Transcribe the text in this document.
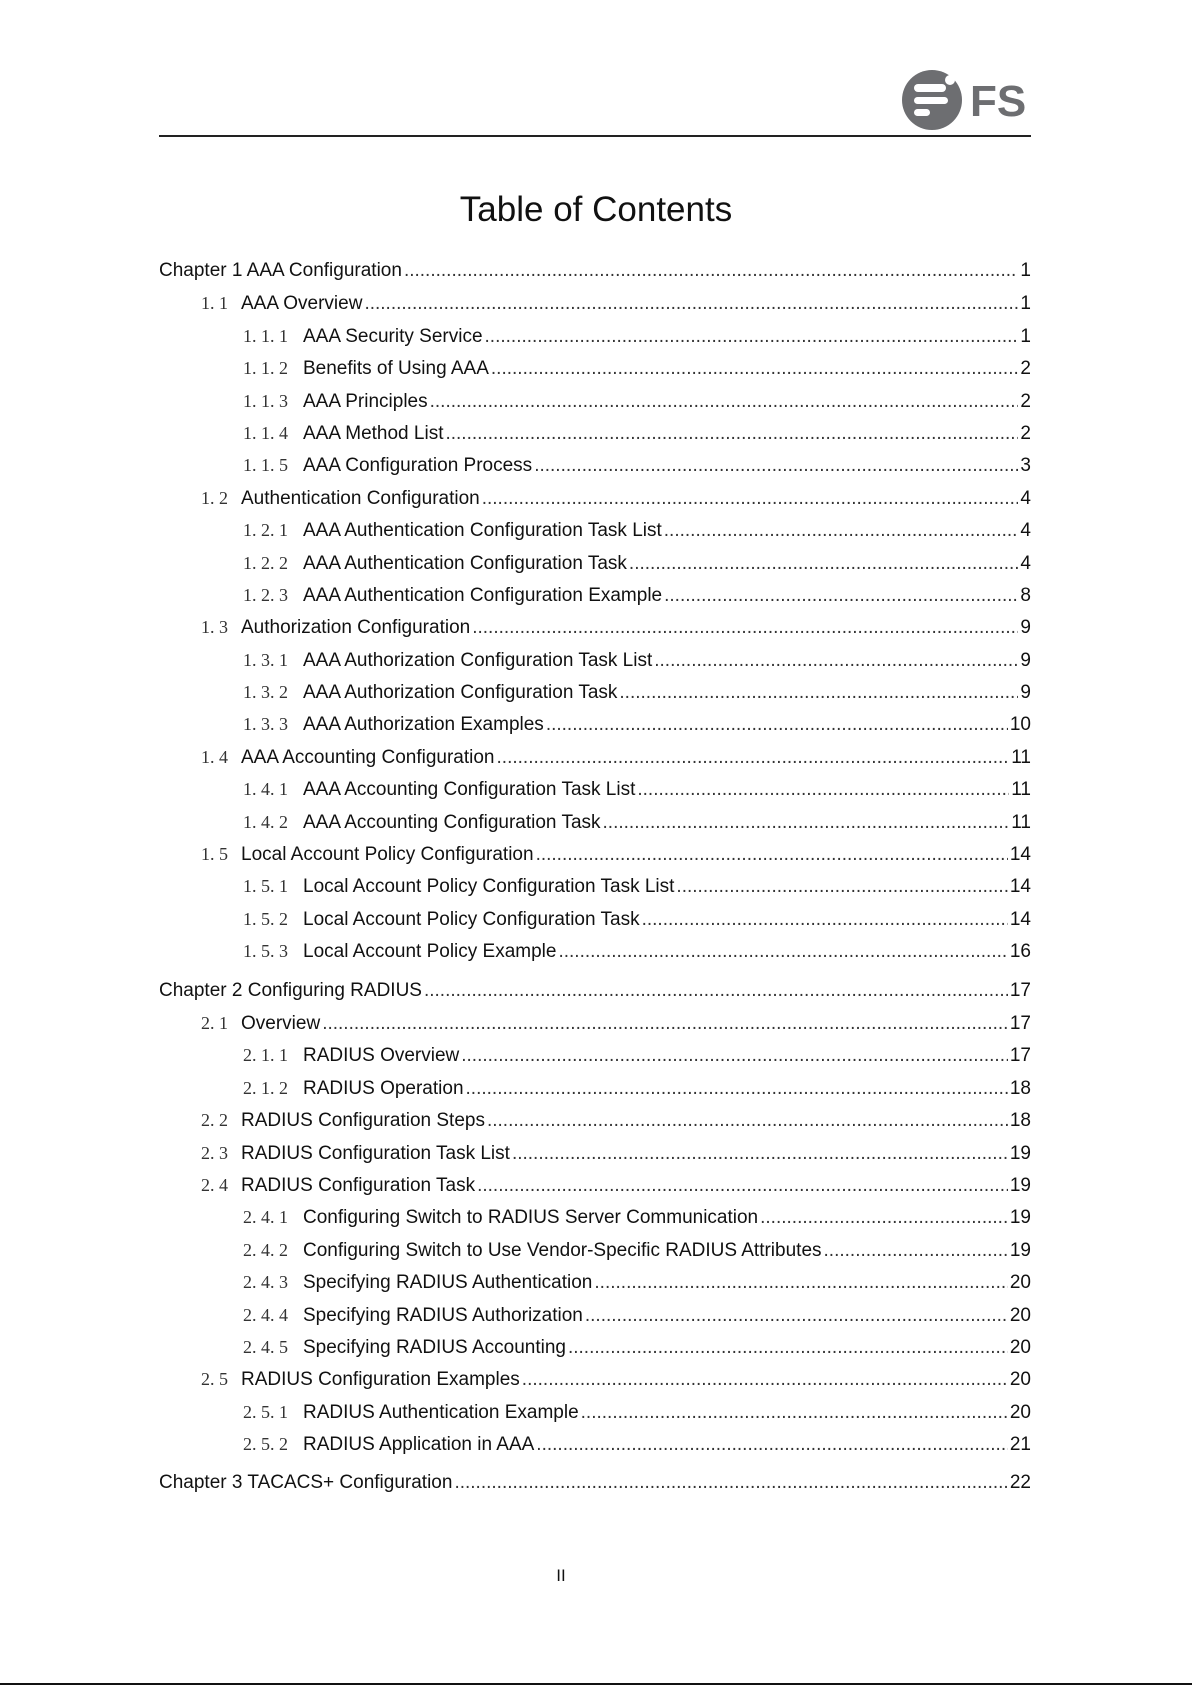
FS
Table of Contents
Chapter 1 AAA Configuration .....	1
1. 1 AAA Overview .....	1
1. 1. 1 AAA Security Service .....	1
1. 1. 2 Benefits of Using AAA .....	2
1. 1. 3 AAA Principles .....	2
1. 1. 4 AAA Method List .....	2
1. 1. 5 AAA Configuration Process .....	3
1. 2 Authentication Configuration .....	4
1. 2. 1 AAA Authentication Configuration Task List .....	4
1. 2. 2 AAA Authentication Configuration Task .....	4
1. 2. 3 AAA Authentication Configuration Example .....	8
1. 3 Authorization Configuration .....	9
1. 3. 1 AAA Authorization Configuration Task List .....	9
1. 3. 2 AAA Authorization Configuration Task .....	9
1. 3. 3 AAA Authorization Examples .....	10
1. 4 AAA Accounting Configuration .....	11
1. 4. 1 AAA Accounting Configuration Task List .....	11
1. 4. 2 AAA Accounting Configuration Task .....	11
1. 5 Local Account Policy Configuration .....	14
1. 5. 1 Local Account Policy Configuration Task List .....	14
1. 5. 2 Local Account Policy Configuration Task .....	14
1. 5. 3 Local Account Policy Example .....	16
Chapter 2 Configuring RADIUS .....	17
2. 1 Overview .....	17
2. 1. 1 RADIUS Overview .....	17
2. 1. 2 RADIUS Operation .....	18
2. 2 RADIUS Configuration Steps .....	18
2. 3 RADIUS Configuration Task List .....	19
2. 4 RADIUS Configuration Task .....	19
2. 4. 1 Configuring Switch to RADIUS Server Communication .....	19
2. 4. 2 Configuring Switch to Use Vendor-Specific RADIUS Attributes .....	19
2. 4. 3 Specifying RADIUS Authentication .....	20
2. 4. 4 Specifying RADIUS Authorization .....	20
2. 4. 5 Specifying RADIUS Accounting .....	20
2. 5 RADIUS Configuration Examples .....	20
2. 5. 1 RADIUS Authentication Example .....	20
2. 5. 2 RADIUS Application in AAA .....	21
Chapter 3 TACACS+ Configuration .....	22
II
